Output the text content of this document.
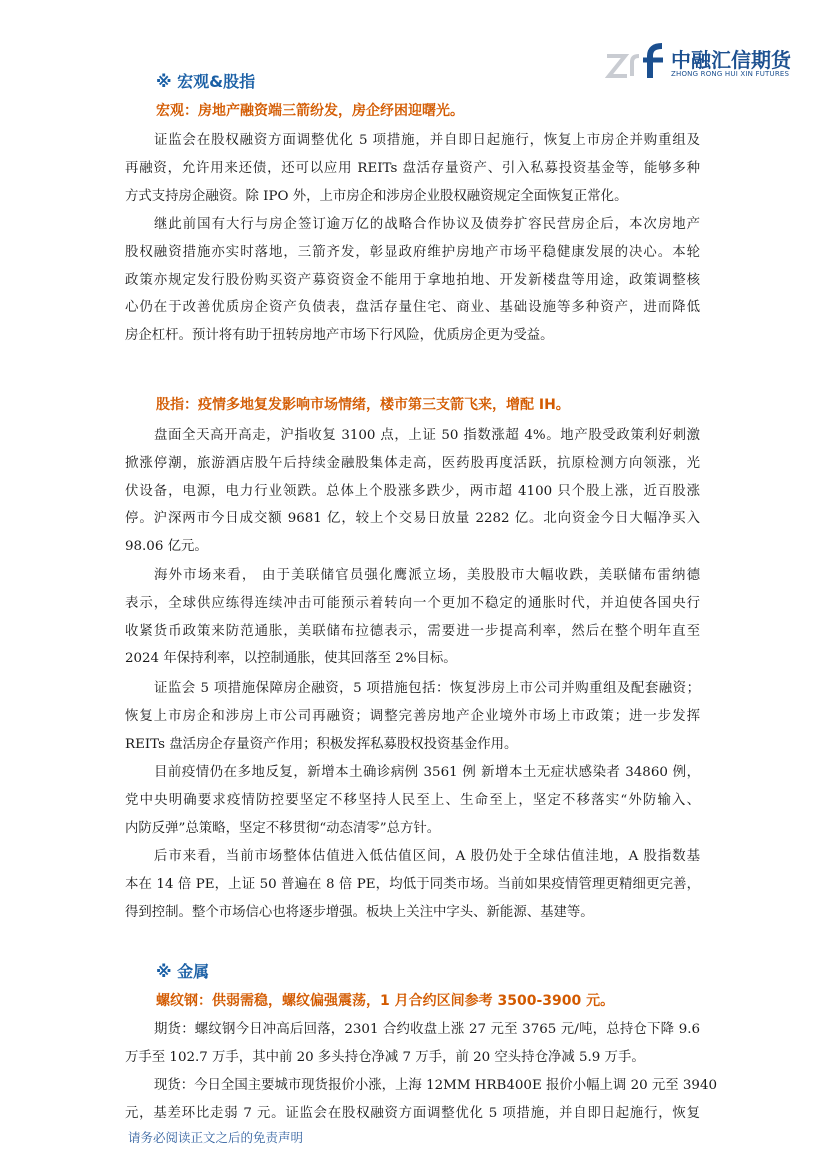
中融汇信期货
ZHONG RONG HUI XIN FUTURES
※ 宏观&股指
宏观：房地产融资端三箭纷发，房企纾困迎曙光。
证监会在股权融资方面调整优化 5 项措施，并自即日起施行，恢复上市房企并购重组及
再融资，允许用来还债，还可以应用 REITs 盘活存量资产、引入私募投资基金等，能够多种
方式支持房企融资。除 IPO 外，上市房企和涉房企业股权融资规定全面恢复正常化。
继此前国有大行与房企签订逾万亿的战略合作协议及债券扩容民营房企后，本次房地产
股权融资措施亦实时落地，三箭齐发，彰显政府维护房地产市场平稳健康发展的决心。本轮
政策亦规定发行股份购买资产募资资金不能用于拿地拍地、开发新楼盘等用途，政策调整核
心仍在于改善优质房企资产负债表，盘活存量住宅、商业、基础设施等多种资产，进而降低
房企杠杆。预计将有助于扭转房地产市场下行风险，优质房企更为受益。
股指：疫情多地复发影响市场情绪，楼市第三支箭飞来，增配 IH。
盘面全天高开高走，沪指收复 3100 点，上证 50 指数涨超 4%。地产股受政策利好刺激
掀涨停潮，旅游酒店股午后持续金融股集体走高，医药股再度活跃，抗原检测方向领涨，光
伏设备，电源，电力行业领跌。总体上个股涨多跌少，两市超 4100 只个股上涨，近百股涨
停。沪深两市今日成交额 9681 亿，较上个交易日放量 2282 亿。北向资金今日大幅净买入
98.06 亿元。
海外市场来看， 由于美联储官员强化鹰派立场，美股股市大幅收跌，美联储布雷纳德
表示，全球供应练得连续冲击可能预示着转向一个更加不稳定的通胀时代，并迫使各国央行
收紧货币政策来防范通胀，美联储布拉德表示，需要进一步提高利率，然后在整个明年直至
2024 年保持利率，以控制通胀，使其回落至 2%目标。
证监会 5 项措施保障房企融资，5 项措施包括：恢复涉房上市公司并购重组及配套融资；
恢复上市房企和涉房上市公司再融资；调整完善房地产企业境外市场上市政策；进一步发挥
REITs 盘活房企存量资产作用；积极发挥私募股权投资基金作用。
目前疫情仍在多地反复，新增本土确诊病例 3561 例 新增本土无症状感染者 34860 例，
党中央明确要求疫情防控要坚定不移坚持人民至上、生命至上，坚定不移落实“外防输入、
内防反弹”总策略，坚定不移贯彻“动态清零”总方针。
后市来看，当前市场整体估值进入低估值区间，A 股仍处于全球估值洼地，A 股指数基
本在 14 倍 PE，上证 50 普遍在 8 倍 PE，均低于同类市场。当前如果疫情管理更精细更完善，
得到控制。整个市场信心也将逐步增强。板块上关注中字头、新能源、基建等。
※ 金属
螺纹钢：供弱需稳，螺纹偏强震荡，1 月合约区间参考 3500-3900 元。
期货：螺纹钢今日冲高后回落，2301 合约收盘上涨 27 元至 3765 元/吨，总持仓下降 9.6
万手至 102.7 万手，其中前 20 多头持仓净减 7 万手，前 20 空头持仓净减 5.9 万手。
现货：今日全国主要城市现货报价小涨，上海 12MM HRB400E 报价小幅上调 20 元至 3940
元，基差环比走弱 7 元。证监会在股权融资方面调整优化 5 项措施，并自即日起施行，恢复
请务必阅读正文之后的免责声明
